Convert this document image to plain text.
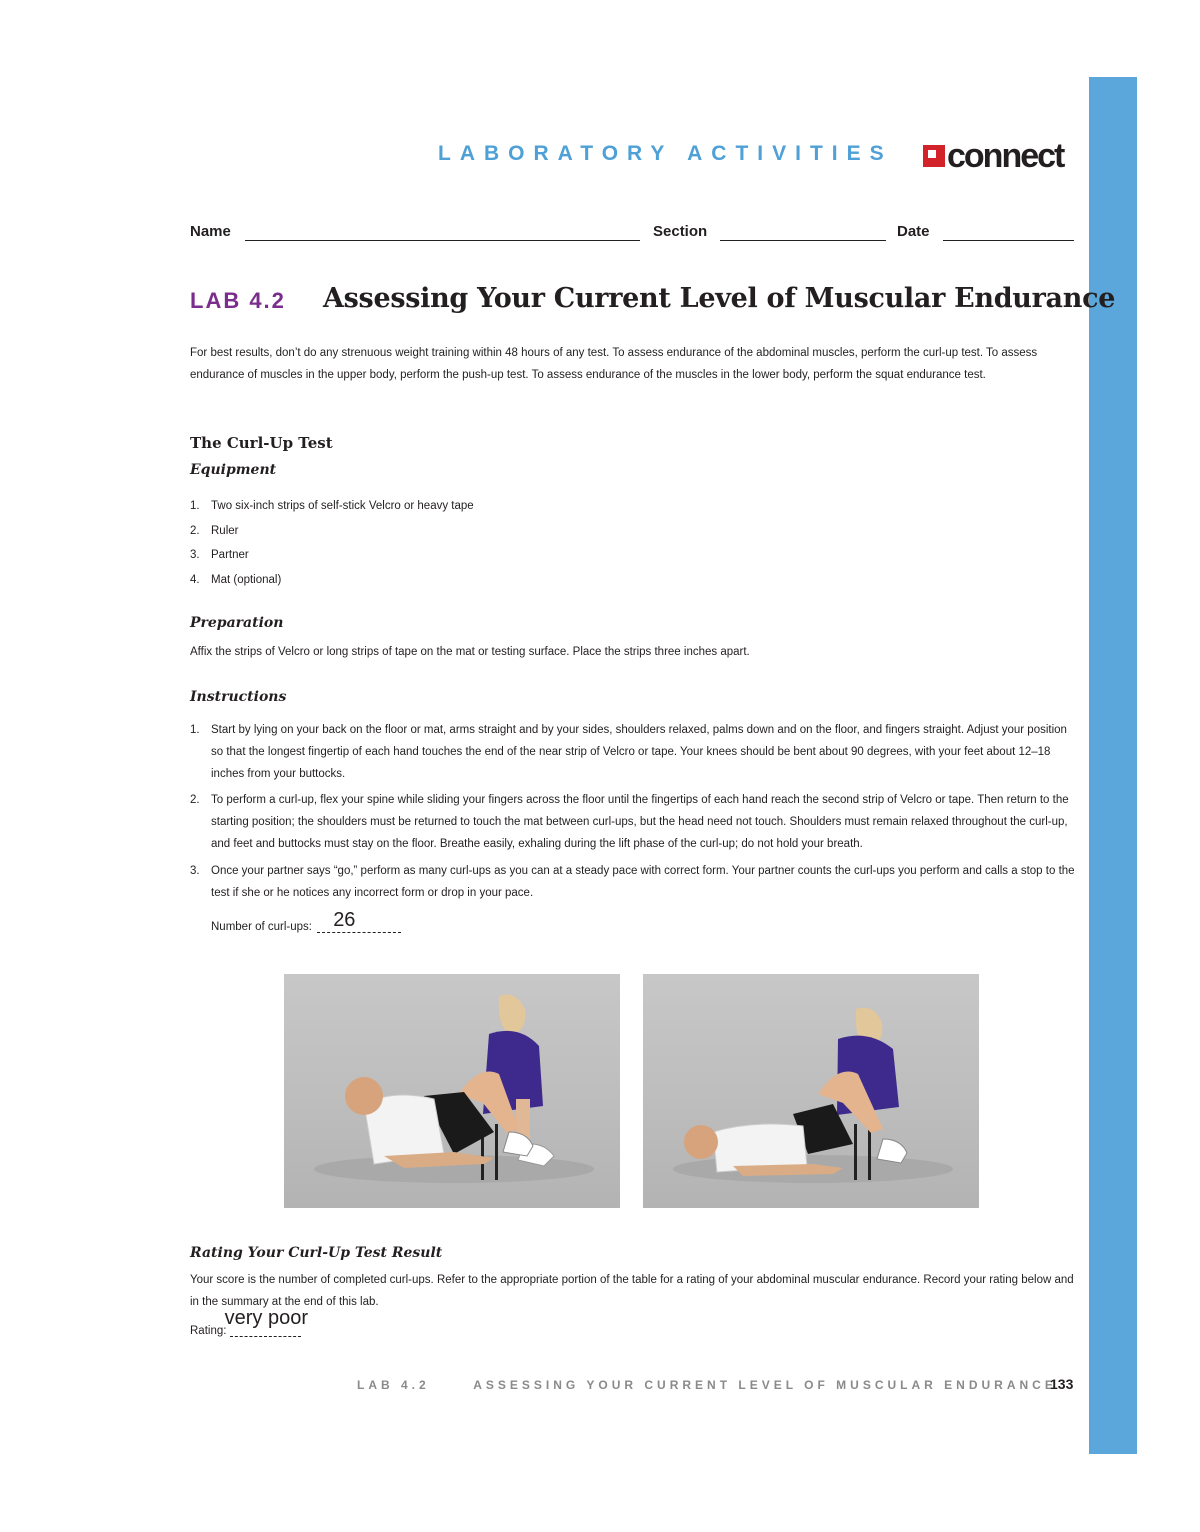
LABORATORY ACTIVITIES connect
Name	Section	Date
LAB 4.2 Assessing Your Current Level of Muscular Endurance
For best results, don’t do any strenuous weight training within 48 hours of any test. To assess endurance of the abdominal muscles, perform the curl-up test. To assess endurance of muscles in the upper body, perform the push-up test. To assess endurance of the muscles in the lower body, perform the squat endurance test.
The Curl-Up Test
Equipment
1. Two six-inch strips of self-stick Velcro or heavy tape
2. Ruler
3. Partner
4. Mat (optional)
Preparation
Affix the strips of Velcro or long strips of tape on the mat or testing surface. Place the strips three inches apart.
Instructions
1. Start by lying on your back on the floor or mat, arms straight and by your sides, shoulders relaxed, palms down and on the floor, and fingers straight. Adjust your position so that the longest fingertip of each hand touches the end of the near strip of Velcro or tape. Your knees should be bent about 90 degrees, with your feet about 12–18 inches from your buttocks.
2. To perform a curl-up, flex your spine while sliding your fingers across the floor until the fingertips of each hand reach the second strip of Velcro or tape. Then return to the starting position; the shoulders must be returned to touch the mat between curl-ups, but the head need not touch. Shoulders must remain relaxed throughout the curl-up, and feet and buttocks must stay on the floor. Breathe easily, exhaling during the lift phase of the curl-up; do not hold your breath.
3. Once your partner says “go,” perform as many curl-ups as you can at a steady pace with correct form. Your partner counts the curl-ups you perform and calls a stop to the test if she or he notices any incorrect form or drop in your pace.
Number of curl-ups: 26
Rating Your Curl-Up Test Result
Your score is the number of completed curl-ups. Refer to the appropriate portion of the table for a rating of your abdominal muscular endurance. Record your rating below and in the summary at the end of this lab.
Rating:
very poor
LAB 4.2      ASSESSING YOUR CURRENT LEVEL OF MUSCULAR ENDURANCE
133
